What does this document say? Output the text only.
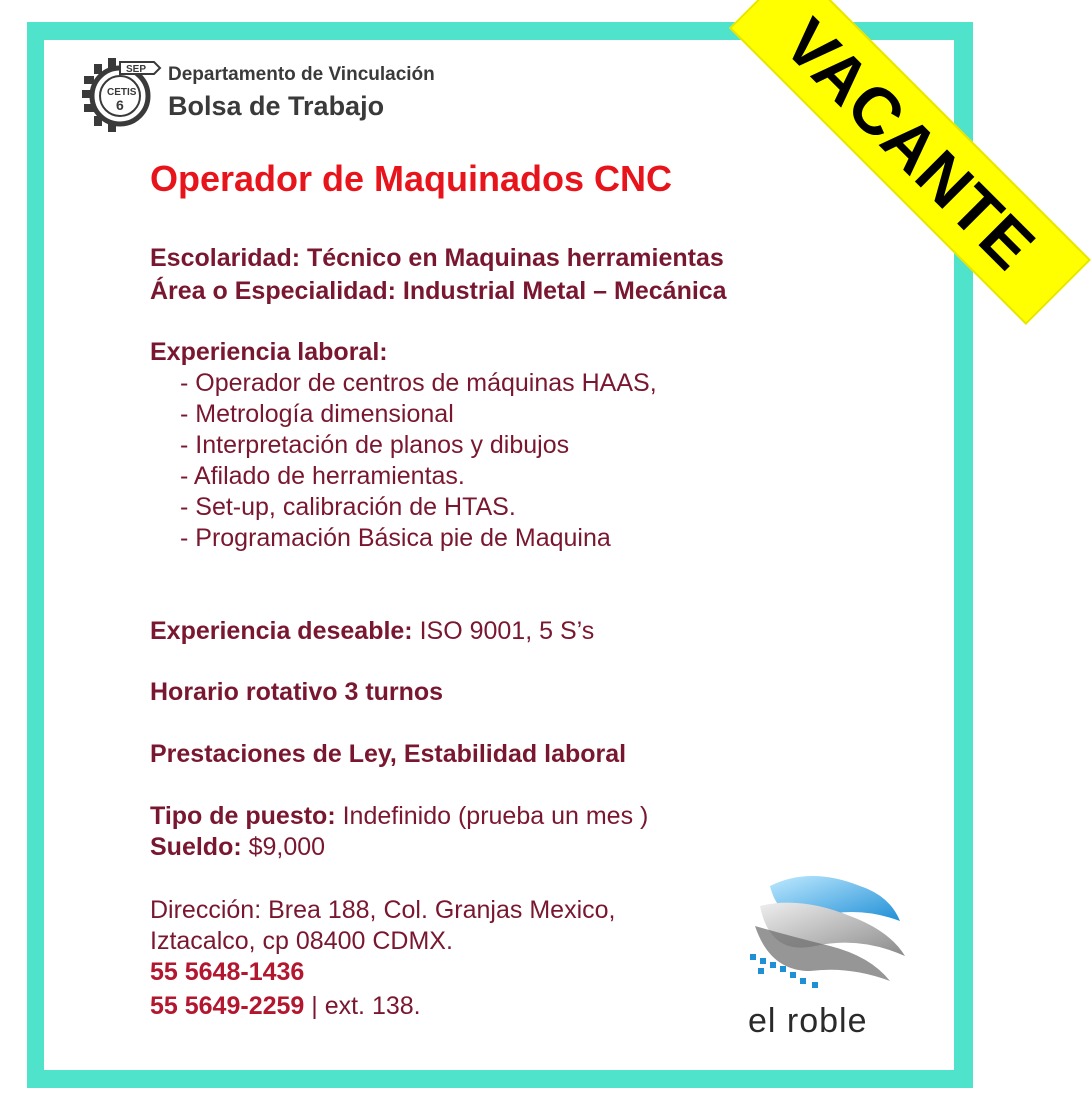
SEP
CETIS
6
Departamento de Vinculación
Bolsa de Trabajo	VACANTE
Operador de Maquinados CNC
Escolaridad: Técnico en Maquinas herramientas
Área o Especialidad: Industrial Metal – Mecánica
Experiencia laboral:
- Operador de centros de máquinas HAAS,
- Metrología dimensional
- Interpretación de planos y dibujos
- Afilado de herramientas.
- Set-up, calibración de HTAS.
- Programación Básica pie de Maquina
Experiencia deseable: ISO 9001, 5 S’s
Horario rotativo 3 turnos
Prestaciones de Ley, Estabilidad laboral
Tipo de puesto: Indefinido (prueba un mes )
Sueldo: $9,000
Dirección: Brea 188, Col. Granjas Mexico,
Iztacalco, cp 08400 CDMX.
55 5648-1436
55 5649-2259 | ext. 138.	el roble
